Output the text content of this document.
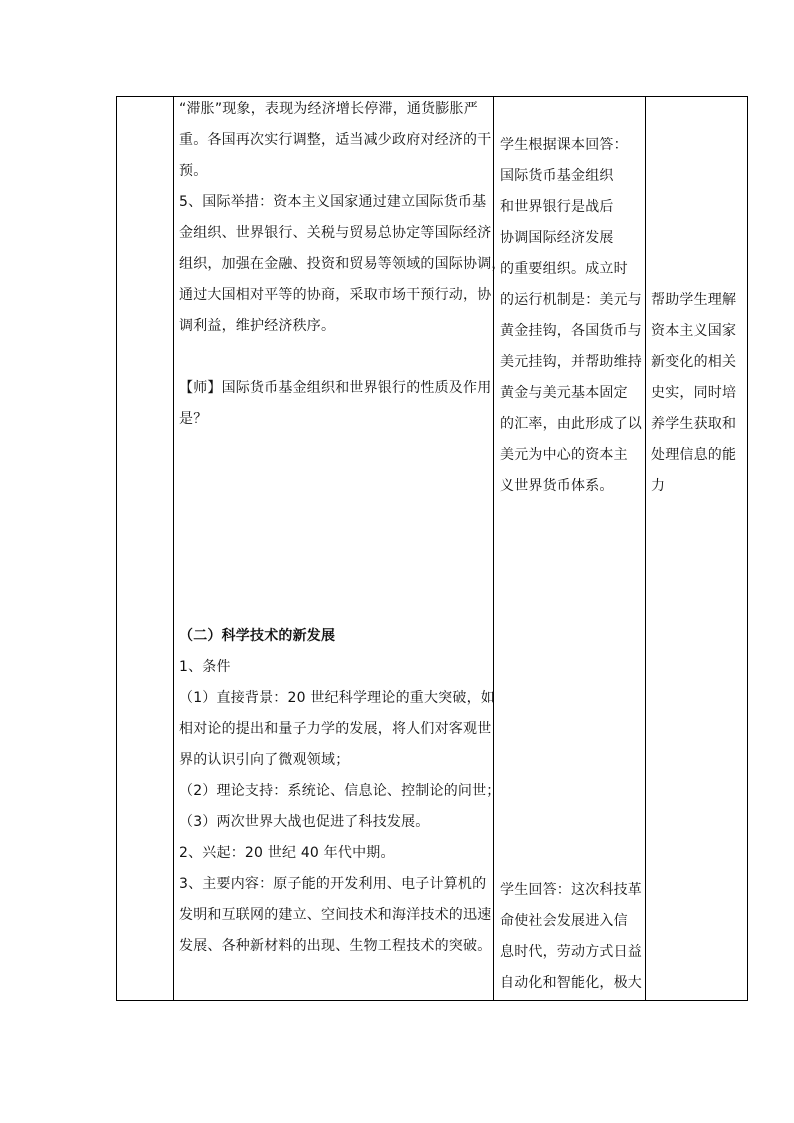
“滞胀”现象，表现为经济增长停滞，通货膨胀严

重。各国再次实行调整，适当减少政府对经济的干

预。

5、国际举措：资本主义国家通过建立国际货币基

金组织、世界银行、关税与贸易总协定等国际经济

组织，加强在金融、投资和贸易等领域的国际协调，

通过大国相对平等的协商，采取市场干预行动，协

调利益，维护经济秩序。

【师】国际货币基金组织和世界银行的性质及作用

是？

（二）科学技术的新发展

1、条件

（1）直接背景：20 世纪科学理论的重大突破，如

相对论的提出和量子力学的发展，将人们对客观世

界的认识引向了微观领域；

（2）理论支持：系统论、信息论、控制论的问世；

（3）两次世界大战也促进了科技发展。

2、兴起：20 世纪 40 年代中期。

3、主要内容：原子能的开发利用、电子计算机的

发明和互联网的建立、空间技术和海洋技术的迅速

发展、各种新材料的出现、生物工程技术的突破。

学生根据课本回答：

国际货币基金组织

和世界银行是战后

协调国际经济发展

的重要组织。成立时

的运行机制是：美元与

黄金挂钩，各国货币与

美元挂钩，并帮助维持

黄金与美元基本固定

的汇率，由此形成了以

美元为中心的资本主

义世界货币体系。

学生回答：这次科技革

命使社会发展进入信

息时代，劳动方式日益

自动化和智能化，极大

帮助学生理解

资本主义国家

新变化的相关

史实，同时培

养学生获取和

处理信息的能

力
